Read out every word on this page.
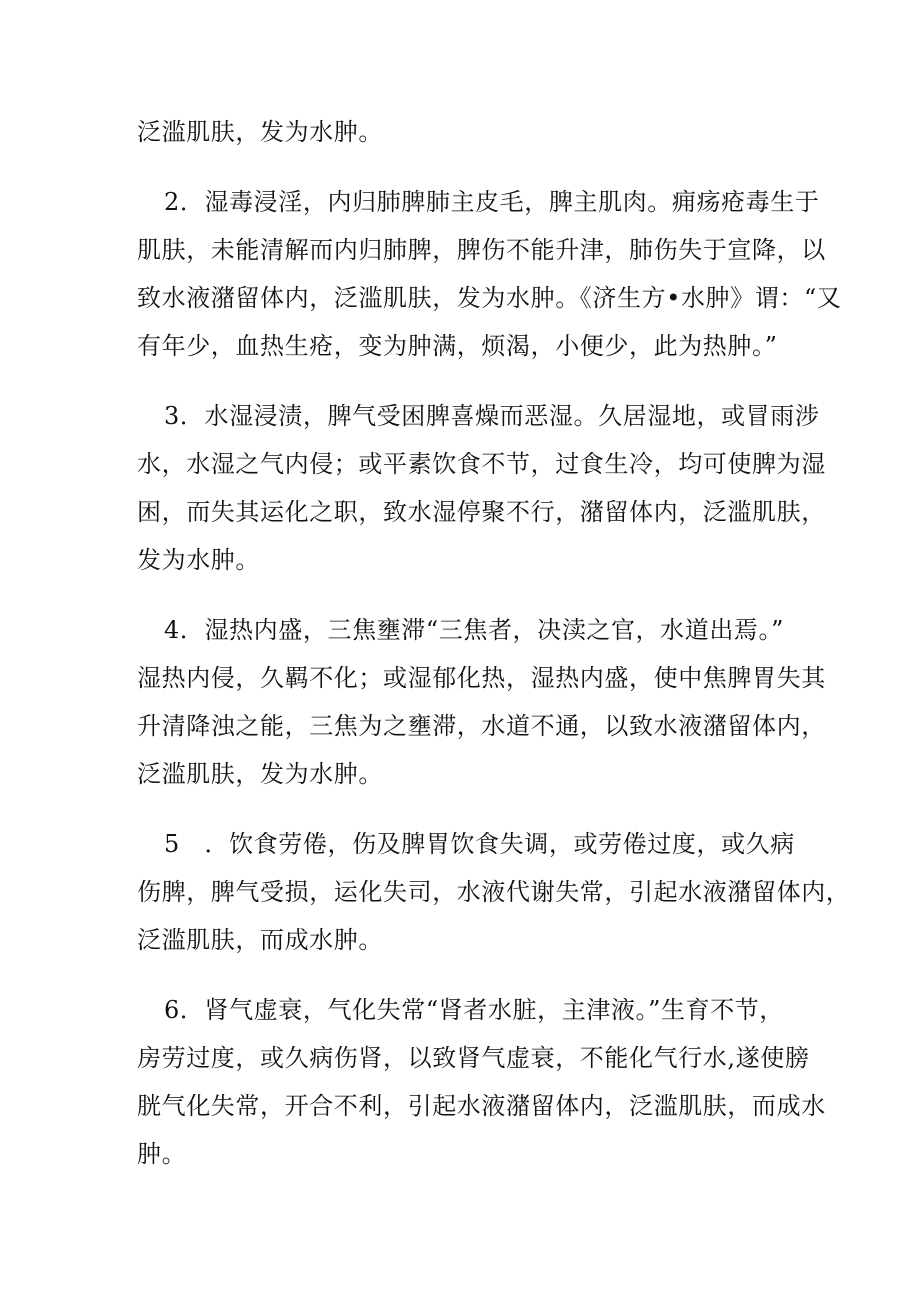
泛滥肌肤，发为水肿。
2．湿毒浸淫，内归肺脾肺主皮毛，脾主肌肉。痈疡疮毒生于
肌肤，未能清解而内归肺脾，脾伤不能升津，肺伤失于宣降，以
致水液潴留体内，泛滥肌肤，发为水肿。《济生方•水肿》谓：“又
有年少，血热生疮，变为肿满，烦渴，小便少，此为热肿。”
3．水湿浸渍，脾气受困脾喜燥而恶湿。久居湿地，或冒雨涉
水，水湿之气内侵；或平素饮食不节，过食生冷，均可使脾为湿
困，而失其运化之职，致水湿停聚不行，潴留体内，泛滥肌肤，
发为水肿。
4．湿热内盛，三焦壅滞“三焦者，决渎之官，水道出焉。”
湿热内侵，久羁不化；或湿郁化热，湿热内盛，使中焦脾胃失其
升清降浊之能，三焦为之壅滞，水道不通，以致水液潴留体内，
泛滥肌肤，发为水肿。
5　．饮食劳倦，伤及脾胃饮食失调，或劳倦过度，或久病
伤脾，脾气受损，运化失司，水液代谢失常，引起水液潴留体内，
泛滥肌肤，而成水肿。
6．肾气虚衰，气化失常“肾者水脏，主津液。”生育不节，
房劳过度，或久病伤肾，以致肾气虚衰，不能化气行水,遂使膀
胱气化失常，开合不利，引起水液潴留体内，泛滥肌肤，而成水
肿。
